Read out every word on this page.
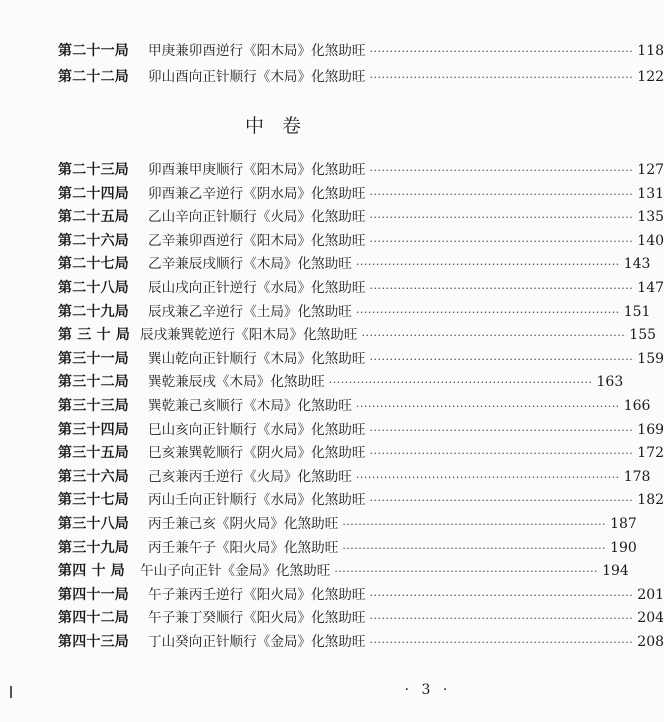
第二十一局	甲庚兼卯酉逆行《阳木局》化煞助旺 ·································································· 118
第二十二局	卯山酉向正针顺行《木局》化煞助旺 ·································································· 122
中卷
第二十三局	卯酉兼甲庚顺行《阳木局》化煞助旺 ·································································· 127
第二十四局	卯酉兼乙辛逆行《阴水局》化煞助旺 ·································································· 131
第二十五局	乙山辛向正针顺行《火局》化煞助旺 ·································································· 135
第二十六局	乙辛兼卯酉逆行《阳木局》化煞助旺 ·································································· 140
第二十七局	乙辛兼辰戌顺行《木局》化煞助旺 ·································································· 143
第二十八局	辰山戌向正针逆行《水局》化煞助旺 ·································································· 147
第二十九局	辰戌兼乙辛逆行《土局》化煞助旺 ·································································· 151
第 三 十 局 辰戌兼巽乾逆行《阳木局》化煞助旺 ·································································· 155
第三十一局	巽山乾向正针顺行《木局》化煞助旺 ·································································· 159
第三十二局	巽乾兼辰戌《木局》化煞助旺 ·································································· 163
第三十三局	巽乾兼己亥顺行《木局》化煞助旺 ·································································· 166
第三十四局	巳山亥向正针顺行《水局》化煞助旺 ·································································· 169
第三十五局	巳亥兼巽乾顺行《阴火局》化煞助旺 ·································································· 172
第三十六局	己亥兼丙壬逆行《火局》化煞助旺 ·································································· 178
第三十七局	丙山壬向正针顺行《水局》化煞助旺 ·································································· 182
第三十八局	丙壬兼己亥《阴火局》化煞助旺 ·································································· 187
第三十九局	丙壬兼午子《阳火局》化煞助旺 ·································································· 190
第四 十 局	午山子向正针《金局》化煞助旺 ·································································· 194
第四十一局	午子兼丙壬逆行《阳火局》化煞助旺 ·································································· 201
第四十二局	午子兼丁癸顺行《阳火局》化煞助旺 ·································································· 204
第四十三局	丁山癸向正针顺行《金局》化煞助旺 ·································································· 208
· 3 ·
